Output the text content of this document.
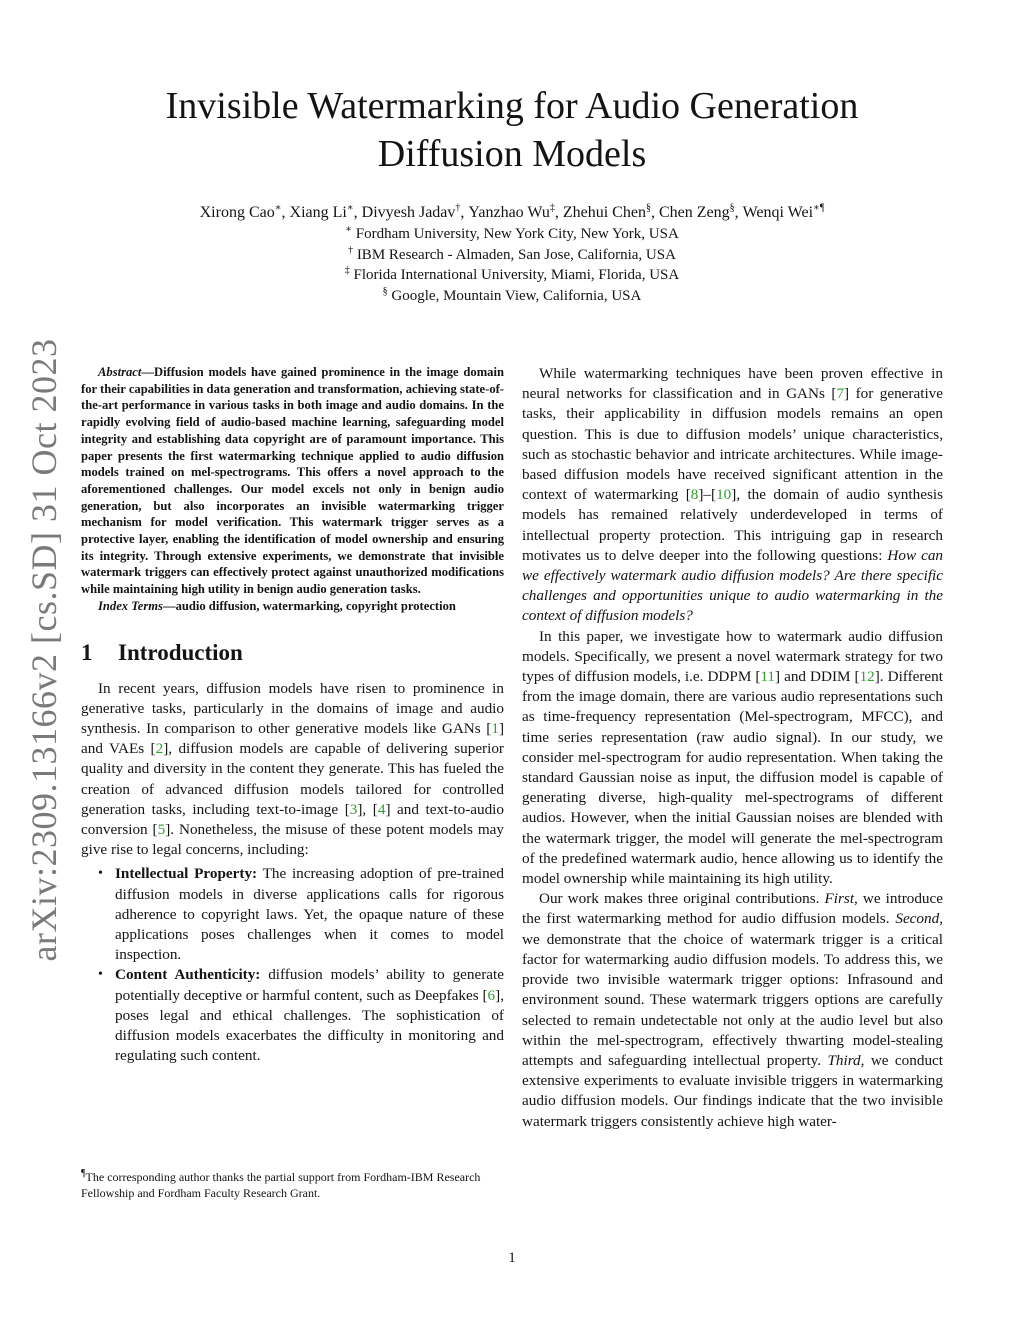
arXiv:2309.13166v2 [cs.SD] 31 Oct 2023
Invisible Watermarking for Audio Generation
Diffusion Models
Xirong Cao∗, Xiang Li∗, Divyesh Jadav†, Yanzhao Wu‡, Zhehui Chen§, Chen Zeng§, Wenqi Wei∗¶
∗ Fordham University, New York City, New York, USA
† IBM Research - Almaden, San Jose, California, USA
‡ Florida International University, Miami, Florida, USA
§ Google, Mountain View, California, USA

Abstract—Diffusion models have gained prominence in the image domain for their capabilities in data generation and transformation, achieving state-of-the-art performance in various tasks in both image and audio domains. In the rapidly evolving field of audio-based machine learning, safeguarding model integrity and establishing data copyright are of paramount importance. This paper presents the first watermarking technique applied to audio diffusion models trained on mel-spectrograms. This offers a novel approach to the aforementioned challenges. Our model excels not only in benign audio generation, but also incorporates an invisible watermarking trigger mechanism for model verification. This watermark trigger serves as a protective layer, enabling the identification of model ownership and ensuring its integrity. Through extensive experiments, we demonstrate that invisible watermark triggers can effectively protect against unauthorized modifications while maintaining high utility in benign audio generation tasks.

Index Terms—audio diffusion, watermarking, copyright protection

1 Introduction

In recent years, diffusion models have risen to prominence in generative tasks, particularly in the domains of image and audio synthesis. In comparison to other generative models like GANs [1] and VAEs [2], diffusion models are capable of delivering superior quality and diversity in the content they generate. This has fueled the creation of advanced diffusion models tailored for controlled generation tasks, including text-to-image [3], [4] and text-to-audio conversion [5]. Nonetheless, the misuse of these potent models may give rise to legal concerns, including:

• Intellectual Property: The increasing adoption of pre-trained diffusion models in diverse applications calls for rigorous adherence to copyright laws. Yet, the opaque nature of these applications poses challenges when it comes to model inspection.
• Content Authenticity: diffusion models’ ability to generate potentially deceptive or harmful content, such as Deepfakes [6], poses legal and ethical challenges. The sophistication of diffusion models exacerbates the difficulty in monitoring and regulating such content.
¶The corresponding author thanks the partial support from Fordham-IBM Research Fellowship and Fordham Faculty Research Grant.

While watermarking techniques have been proven effective in neural networks for classification and in GANs [7] for generative tasks, their applicability in diffusion models remains an open question. This is due to diffusion models’ unique characteristics, such as stochastic behavior and intricate architectures. While image-based diffusion models have received significant attention in the context of watermarking [8]–[10], the domain of audio synthesis models has remained relatively underdeveloped in terms of intellectual property protection. This intriguing gap in research motivates us to delve deeper into the following questions: How can we effectively watermark audio diffusion models? Are there specific challenges and opportunities unique to audio watermarking in the context of diffusion models?

In this paper, we investigate how to watermark audio diffusion models. Specifically, we present a novel watermark strategy for two types of diffusion models, i.e. DDPM [11] and DDIM [12]. Different from the image domain, there are various audio representations such as time-frequency representation (Mel-spectrogram, MFCC), and time series representation (raw audio signal). In our study, we consider mel-spectrogram for audio representation. When taking the standard Gaussian noise as input, the diffusion model is capable of generating diverse, high-quality mel-spectrograms of different audios. However, when the initial Gaussian noises are blended with the watermark trigger, the model will generate the mel-spectrogram of the predefined watermark audio, hence allowing us to identify the model ownership while maintaining its high utility.

Our work makes three original contributions. First, we introduce the first watermarking method for audio diffusion models. Second, we demonstrate that the choice of watermark trigger is a critical factor for watermarking audio diffusion models. To address this, we provide two invisible watermark trigger options: Infrasound and environment sound. These watermark triggers options are carefully selected to remain undetectable not only at the audio level but also within the mel-spectrogram, effectively thwarting model-stealing attempts and safeguarding intellectual property. Third, we conduct extensive experiments to evaluate invisible triggers in watermarking audio diffusion models. Our findings indicate that the two invisible watermark triggers consistently achieve high water-

1
